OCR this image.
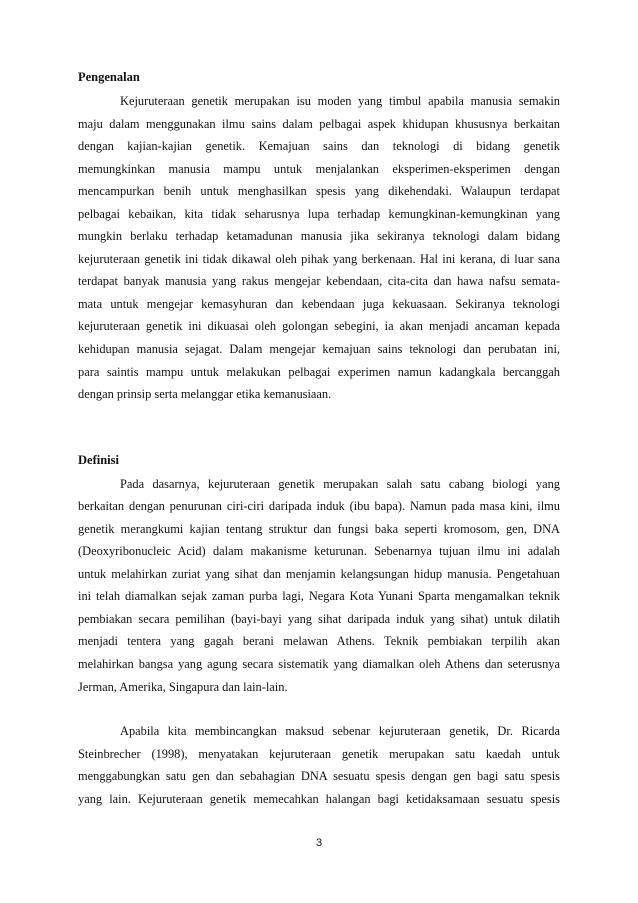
Pengenalan
Kejuruteraan genetik merupakan isu moden yang timbul apabila manusia semakin
maju dalam menggunakan ilmu sains dalam pelbagai aspek khidupan khususnya berkaitan
dengan kajian-kajian genetik. Kemajuan sains dan teknologi di bidang genetik
memungkinkan manusia mampu untuk menjalankan eksperimen-eksperimen dengan
mencampurkan benih untuk menghasilkan spesis yang dikehendaki. Walaupun terdapat
pelbagai kebaikan, kita tidak seharusnya lupa terhadap kemungkinan-kemungkinan yang
mungkin berlaku terhadap ketamadunan manusia jika sekiranya teknologi dalam bidang
kejuruteraan genetik ini tidak dikawal oleh pihak yang berkenaan. Hal ini kerana, di luar sana
terdapat banyak manusia yang rakus mengejar kebendaan, cita-cita dan hawa nafsu semata-
mata untuk mengejar kemasyhuran dan kebendaan juga kekuasaan. Sekiranya teknologi
kejuruteraan genetik ini dikuasai oleh golongan sebegini, ia akan menjadi ancaman kepada
kehidupan manusia sejagat. Dalam mengejar kemajuan sains teknologi dan perubatan ini,
para saintis mampu untuk melakukan pelbagai experimen namun kadangkala bercanggah
dengan prinsip serta melanggar etika kemanusiaan.
Definisi
Pada dasarnya, kejuruteraan genetik merupakan salah satu cabang biologi yang
berkaitan dengan penurunan ciri-ciri daripada induk (ibu bapa). Namun pada masa kini, ilmu
genetik merangkumi kajian tentang struktur dan fungsi baka seperti kromosom, gen, DNA
(Deoxyribonucleic Acid) dalam makanisme keturunan. Sebenarnya tujuan ilmu ini adalah
untuk melahirkan zuriat yang sihat dan menjamin kelangsungan hidup manusia. Pengetahuan
ini telah diamalkan sejak zaman purba lagi, Negara Kota Yunani Sparta mengamalkan teknik
pembiakan secara pemilihan (bayi-bayi yang sihat daripada induk yang sihat) untuk dilatih
menjadi tentera yang gagah berani melawan Athens. Teknik pembiakan terpilih akan
melahirkan bangsa yang agung secara sistematik yang diamalkan oleh Athens dan seterusnya
Jerman, Amerika, Singapura dan lain-lain.
Apabila kita membincangkan maksud sebenar kejuruteraan genetik, Dr. Ricarda
Steinbrecher (1998), menyatakan kejuruteraan genetik merupakan satu kaedah untuk
menggabungkan satu gen dan sebahagian DNA sesuatu spesis dengan gen bagi satu spesis
yang lain. Kejuruteraan genetik memecahkan halangan bagi ketidaksamaan sesuatu spesis
3
